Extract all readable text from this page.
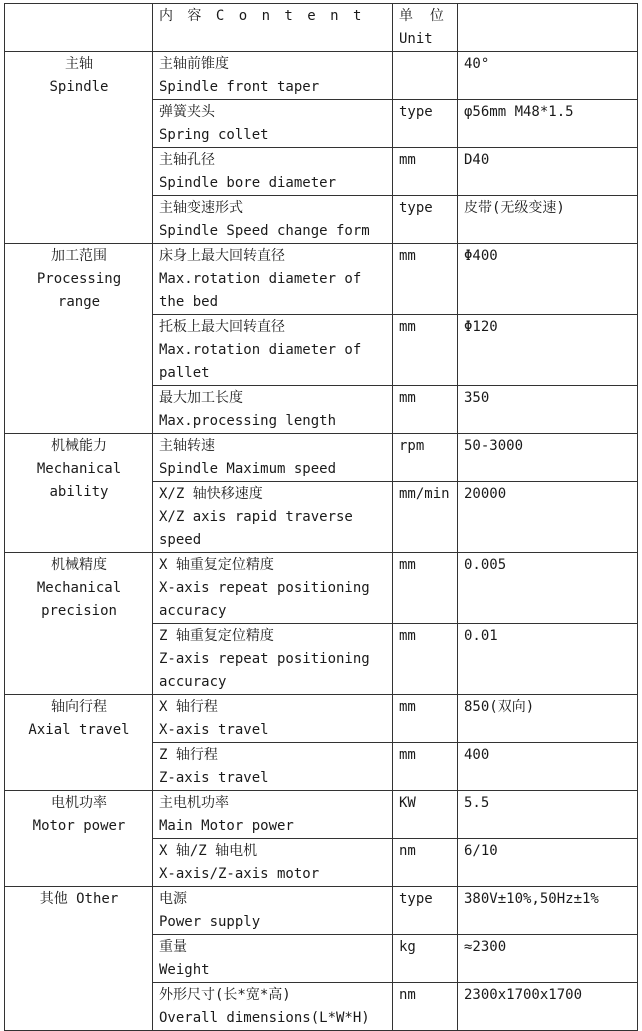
	内 容 C o n t e n t	单  位
Unit	

主轴
Spindle	主轴前锥度
Spindle front taper		40°

	弹簧夹头
Spring collet	type	φ56mm M48*1.5

	主轴孔径
Spindle bore diameter	mm	D40

	主轴变速形式
Spindle Speed change form	type	皮带(无级变速)

加工范围
Processing
range	床身上最大回转直径
Max.rotation diameter of the bed	mm	Φ400

	托板上最大回转直径
Max.rotation diameter of pallet	mm	Φ120

	最大加工长度
Max.processing length	mm	350

机械能力
Mechanical
ability	主轴转速
Spindle Maximum speed	rpm	50-3000

	X/Z 轴快移速度
X/Z axis rapid traverse speed	mm/min	20000

机械精度
Mechanical
precision	X 轴重复定位精度
X-axis repeat positioning accuracy	mm	0.005

	Z 轴重复定位精度
Z-axis repeat positioning accuracy	mm	0.01

轴向行程
Axial travel	X 轴行程
X-axis travel	mm	850(双向)

	Z 轴行程
Z-axis travel	mm	400

电机功率
Motor power	主电机功率
Main Motor power	KW	5.5

	X 轴/Z 轴电机
X-axis/Z-axis motor	nm	6/10

其他 Other	电源
Power supply	type	380V±10%,50Hz±1%

	重量
Weight	kg	≈2300

	外形尺寸(长*宽*高)
Overall dimensions(L*W*H)	nm	2300x1700x1700
